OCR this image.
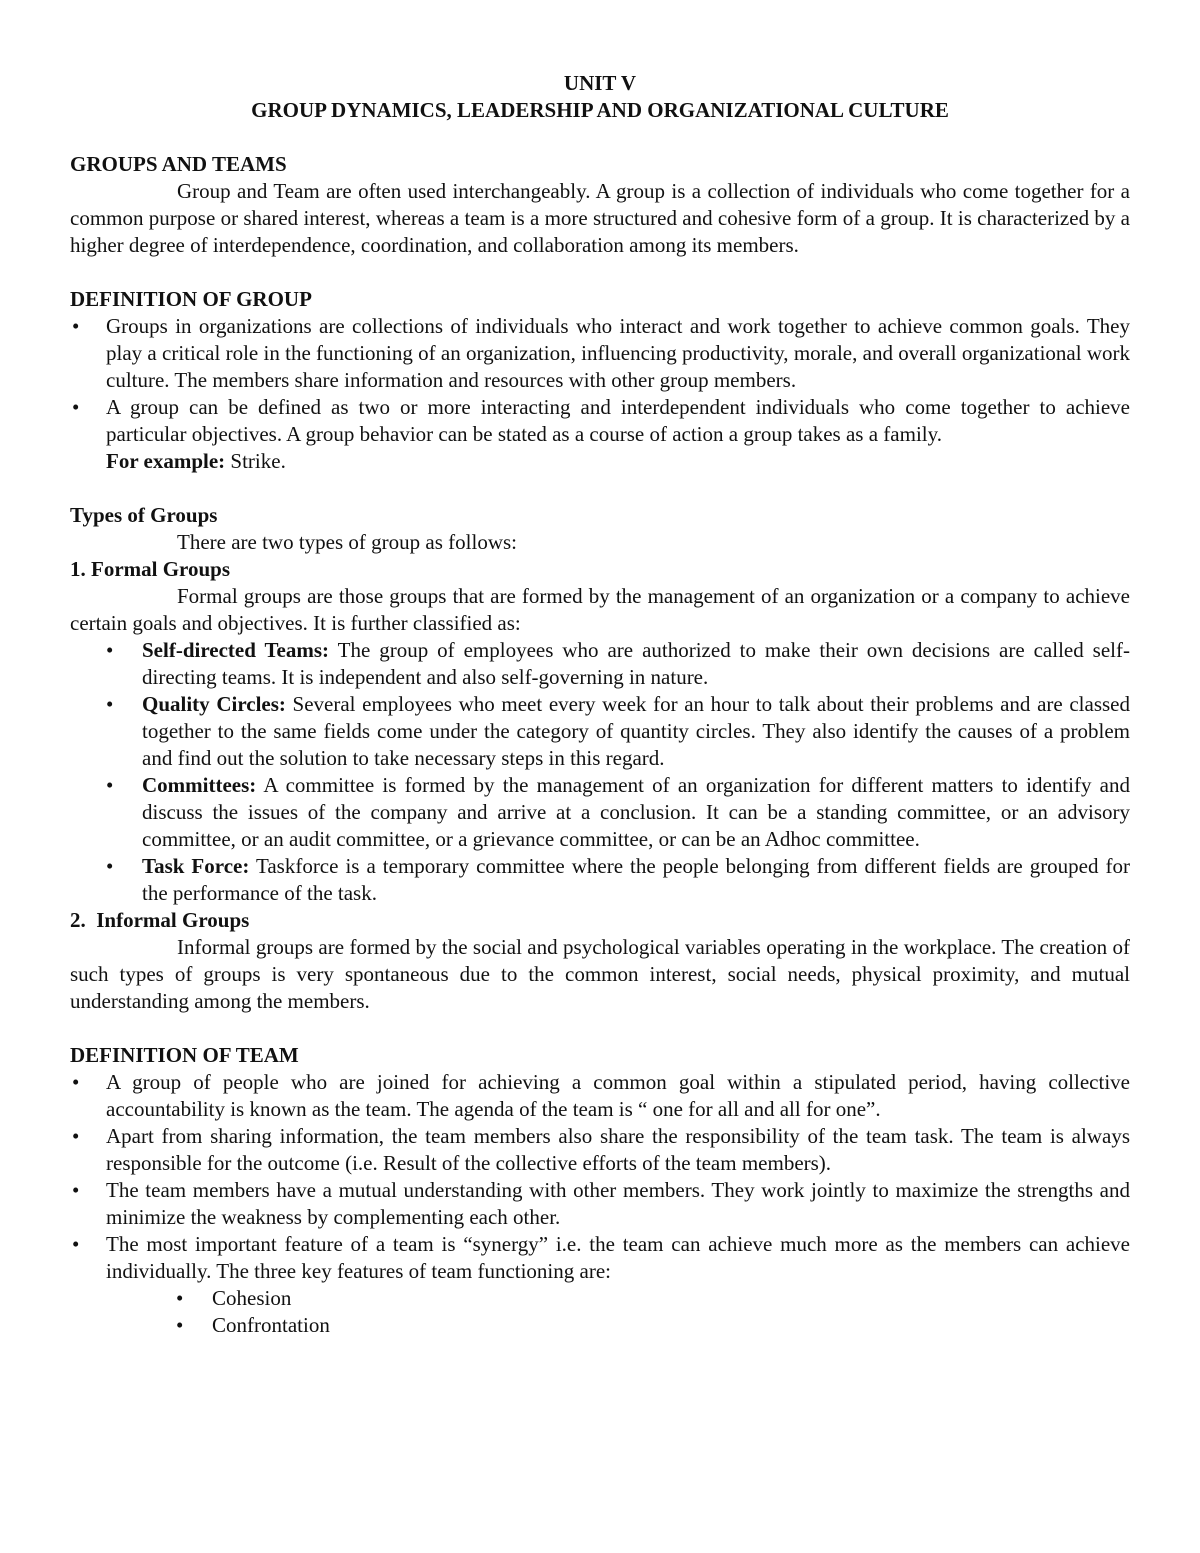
UNIT V

GROUP DYNAMICS, LEADERSHIP AND ORGANIZATIONAL CULTURE

GROUPS AND TEAMS

Group and Team are often used interchangeably. A group is a collection of individuals who come together for a common purpose or shared interest, whereas a team is a more structured and cohesive form of a group. It is characterized by a higher degree of interdependence, coordination, and collaboration among its members.

DEFINITION OF GROUP

• Groups in organizations are collections of individuals who interact and work together to achieve common goals. They play a critical role in the functioning of an organization, influencing productivity, morale, and overall organizational work culture. The members share information and resources with other group members.
• A group can be defined as two or more interacting and interdependent individuals who come together to achieve particular objectives. A group behavior can be stated as a course of action a group takes as a family.
For example: Strike.

Types of Groups

There are two types of group as follows:

1. Formal Groups

Formal groups are those groups that are formed by the management of an organization or a company to achieve certain goals and objectives. It is further classified as:

• Self-directed Teams: The group of employees who are authorized to make their own decisions are called self-directing teams. It is independent and also self-governing in nature.
• Quality Circles: Several employees who meet every week for an hour to talk about their problems and are classed together to the same fields come under the category of quantity circles. They also identify the causes of a problem and find out the solution to take necessary steps in this regard.
• Committees: A committee is formed by the management of an organization for different matters to identify and discuss the issues of the company and arrive at a conclusion. It can be a standing committee, or an advisory committee, or an audit committee, or a grievance committee, or can be an Adhoc committee.
• Task Force: Taskforce is a temporary committee where the people belonging from different fields are grouped for the performance of the task.

2.  Informal Groups

Informal groups are formed by the social and psychological variables operating in the workplace. The creation of such types of groups is very spontaneous due to the common interest, social needs, physical proximity, and mutual understanding among the members.

DEFINITION OF TEAM

• A group of people who are joined for achieving a common goal within a stipulated period, having collective accountability is known as the team. The agenda of the team is “ one for all and all for one”.
• Apart from sharing information, the team members also share the responsibility of the team task. The team is always responsible for the outcome (i.e. Result of the collective efforts of the team members).
• The team members have a mutual understanding with other members. They work jointly to maximize the strengths and minimize the weakness by complementing each other.
• The most important feature of a team is “synergy” i.e. the team can achieve much more as the members can achieve individually. The three key features of team functioning are:
• Cohesion
• Confrontation
